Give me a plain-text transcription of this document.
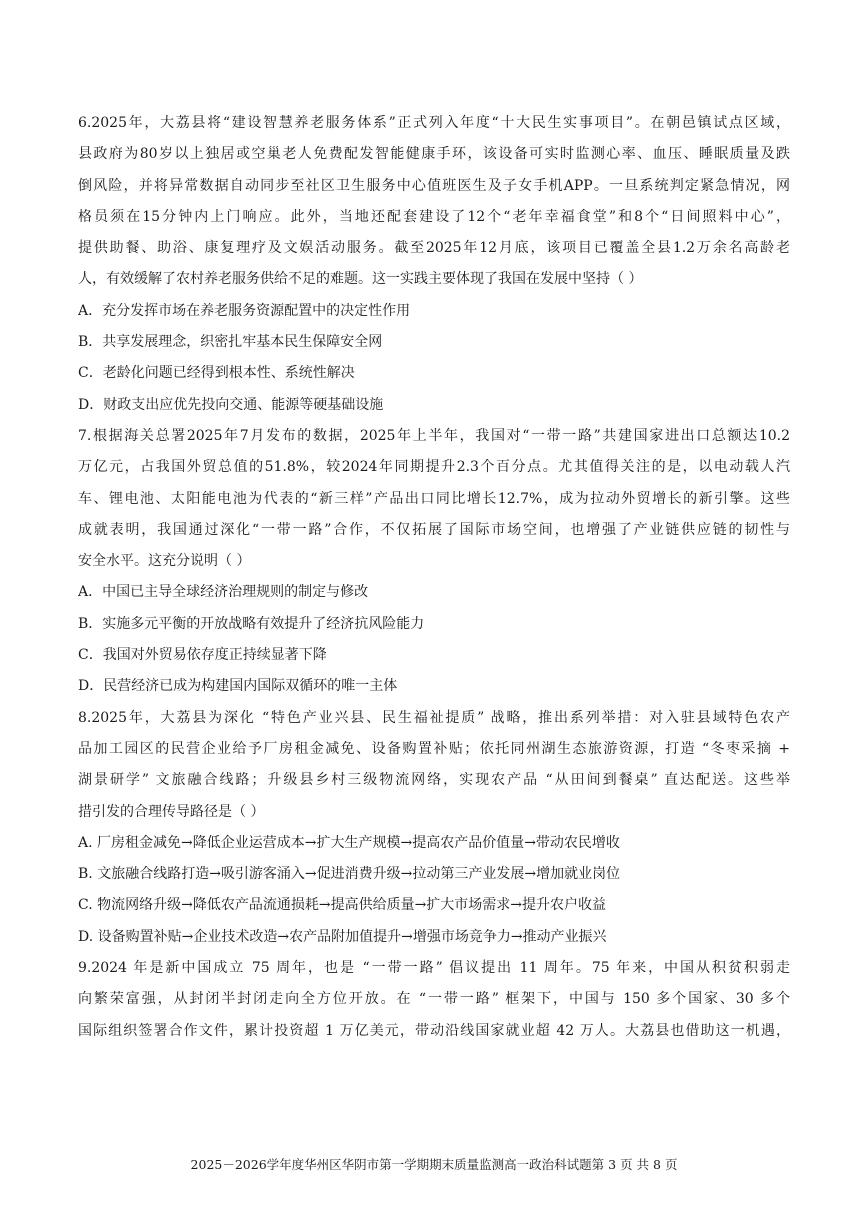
6.2025年，大荔县将“建设智慧养老服务体系”正式列入年度“十大民生实事项目”。在朝邑镇试点区域，
县政府为80岁以上独居或空巢老人免费配发智能健康手环，该设备可实时监测心率、血压、睡眠质量及跌
倒风险，并将异常数据自动同步至社区卫生服务中心值班医生及子女手机APP。一旦系统判定紧急情况，网
格员须在15分钟内上门响应。此外，当地还配套建设了12个“老年幸福食堂”和8个“日间照料中心”，
提供助餐、助浴、康复理疗及文娱活动服务。截至2025年12月底，该项目已覆盖全县1.2万余名高龄老
人，有效缓解了农村养老服务供给不足的难题。这一实践主要体现了我国在发展中坚持（ ）
A．充分发挥市场在养老服务资源配置中的决定性作用
B．共享发展理念，织密扎牢基本民生保障安全网
C．老龄化问题已经得到根本性、系统性解决
D．财政支出应优先投向交通、能源等硬基础设施
7.根据海关总署2025年7月发布的数据，2025年上半年，我国对“一带一路”共建国家进出口总额达10.2
万亿元，占我国外贸总值的51.8%，较2024年同期提升2.3个百分点。尤其值得关注的是，以电动载人汽
车、锂电池、太阳能电池为代表的“新三样”产品出口同比增长12.7%，成为拉动外贸增长的新引擎。这些
成就表明，我国通过深化“一带一路”合作，不仅拓展了国际市场空间，也增强了产业链供应链的韧性与
安全水平。这充分说明（ ）
A．中国已主导全球经济治理规则的制定与修改
B．实施多元平衡的开放战略有效提升了经济抗风险能力
C．我国对外贸易依存度正持续显著下降
D．民营经济已成为构建国内国际双循环的唯一主体
8.2025年，大荔县为深化 “特色产业兴县、民生福祉提质” 战略，推出系列举措：对入驻县域特色农产
品加工园区的民营企业给予厂房租金减免、设备购置补贴；依托同州湖生态旅游资源，打造 “冬枣采摘 +
湖景研学” 文旅融合线路；升级县乡村三级物流网络，实现农产品 “从田间到餐桌” 直达配送。这些举
措引发的合理传导路径是（ ）
A. 厂房租金减免→降低企业运营成本→扩大生产规模→提高农产品价值量→带动农民增收
B. 文旅融合线路打造→吸引游客涌入→促进消费升级→拉动第三产业发展→增加就业岗位
C. 物流网络升级→降低农产品流通损耗→提高供给质量→扩大市场需求→提升农户收益
D. 设备购置补贴→企业技术改造→农产品附加值提升→增强市场竞争力→推动产业振兴
9.2024 年是新中国成立 75 周年，也是 “一带一路” 倡议提出 11 周年。75 年来，中国从积贫积弱走
向繁荣富强，从封闭半封闭走向全方位开放。在 “一带一路” 框架下，中国与 150 多个国家、30 多个
国际组织签署合作文件，累计投资超 1 万亿美元，带动沿线国家就业超 42 万人。大荔县也借助这一机遇，
2025－2026学年度华州区华阴市第一学期期末质量监测高一政治科试题第 3 页 共 8 页
